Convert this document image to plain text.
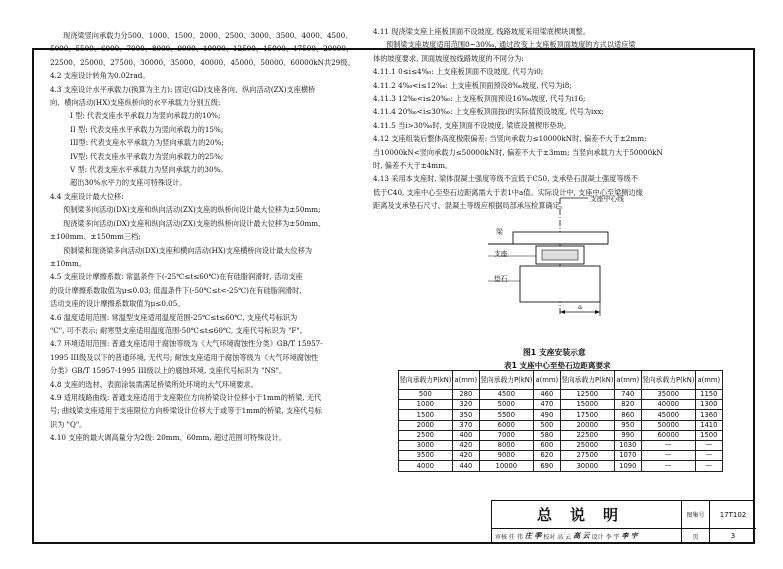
现浇梁竖向承载力分500、1000、1500、2000、2500、3000、3500、4000、4500、

5000、5500、6000、7000、8000、9000、10000、12500、15000、17500、20000、

22500、25000、27500、30000、35000、40000、45000、50000、60000kN共29级。

4.2 支座设计转角为0.02rad。

4.3 支座设计水平承载力(换算为主力): 固定(GD)支座各向、纵向活动(ZX)支座横桥

向、横向活动(HX)支座纵桥向的水平承载力分别五级:

I 型: 代表支座水平承载力为竖向承载力的10%;

II 型: 代表支座水平承载力为竖向承载力的15%;

III型: 代表支座水平承载力为竖向承载力的20%;

IV型: 代表支座水平承载力为竖向承载力的25%;

V 型: 代表支座水平承载力为竖向承载力的30%。

超出30%水平力的支座可特殊设计。

4.4 支座设计最大位移:

预制梁多向活动(DX)支座和纵向活动(ZX)支座的纵桥向设计最大位移为±50mm;

现浇梁多向活动(DX)支座和纵向活动(ZX)支座的纵桥向设计最大位移为±50mm、

±100mm、±150mm三档;

预制梁和现浇梁多向活动(DX)支座和横向活动(HX)支座横桥向设计最大位移为

±10mm。

4.5 支座设计摩擦系数: 常温条件下(-25℃≤t≤60℃)在有硅脂润滑时, 活动支座

的设计摩擦系数取值为μ≤0.03; 低温条件下(-50℃≤t<-25℃)在有硅脂润滑时,

活动支座的设计摩擦系数取值为μ≤0.05。

4.6 温度适用范围: 常温型支座适用温度范围-25℃≤t≤60℃, 支座代号标识为

"C", 可不表示; 耐寒型支座适用温度范围-50℃≤t≤60℃, 支座代号标识为 "F"。

4.7 环境适用范围: 普通支座适用于腐蚀等级为《大气环境腐蚀性分类》GB/T 15957-

1995 III级及以下的普通环境, 无代号; 耐蚀支座适用于腐蚀等级为《大气环境腐蚀性

分类》GB/T 15957-1995 III级以上的腐蚀环境, 支座代号标识为 "NS"。

4.8 支座的选材、表面涂装需满足桥梁所处环境的大气环境要求。

4.9 适用线路曲线: 普通支座适用于支座限位方向桥梁设计位移小于1mm的桥梁, 无代

号; 曲线梁支座适用于支座限位方向桥梁设计位移大于或等于1mm的桥梁, 支座代号标

识为 "Q"。

4.10 支座的最大调高量分为2级: 20mm、60mm, 超过范围可特殊设计。

4.11 现浇梁支座上座板顶面不设坡度, 线路坡度采用梁底楔块调整。

预制梁支座坡度适用范围0~30‰, 通过改变上支座板顶面坡度的方式以适应梁

体的坡度要求, 顶面坡度按线路坡度的不同分为:

4.11.1 0≤i≤4‰: 上支座板顶面不设坡度, 代号为i0;

4.11.2 4‰<i≤12‰: 上支座板顶面预设8‰坡度, 代号为i8;

4.11.3 12‰<i≤20‰: 上支座板顶面预设16‰坡度, 代号为i16;

4.11.4 20‰<i≤30‰: 上支座板顶面按i的实际值预设坡度, 代号为ixx;

4.11.5 当i>30‰时, 支座顶面不设坡度, 梁底设置楔形垫块。

4.12 支座组装后整体高度极限偏差: 当竖向承载力≤10000kN时, 偏差不大于±2mm;

当10000kN<竖向承载力≤50000kN时, 偏差不大于±3mm; 当竖向承载力大于50000kN

时, 偏差不大于±4mm。

4.13 采用本支座时, 梁体混凝土强度等级不宜低于C50, 支承垫石混凝土强度等级不

低于C40, 支座中心至垫石边距离需大于表1中a值。实际设计中, 支座中心至梁侧边缘

距离及支承垫石尺寸、混凝土等级应根据局部承压检算确定。

支座中心线
梁
支座
垫石
a
图1 支座安装示意
表1 支座中心至垫石边距离要求
竖向承载力P(kN)	a(mm)	竖向承载力P(kN)	a(mm)	竖向承载力P(kN)	a(mm)	竖向承载力P(kN)	a(mm)
500	280	4500	460	12500	740	35000	1150
1000	320	5000	470	15000	820	40000	1300
1500	350	5500	490	17500	860	45000	1360
2000	370	6000	500	20000	950	50000	1410
2500	400	7000	580	22500	990	60000	1500
3000	420	8000	600	25000	1030	—	—
3500	420	9000	620	27500	1070	—	—
4000	440	10000	690	30000	1090	—	—
总说明	图集号	17T102
审核 任 伟 庄 季 校对 高 云 高 云 设计 李 宇 李 宇	页	3
